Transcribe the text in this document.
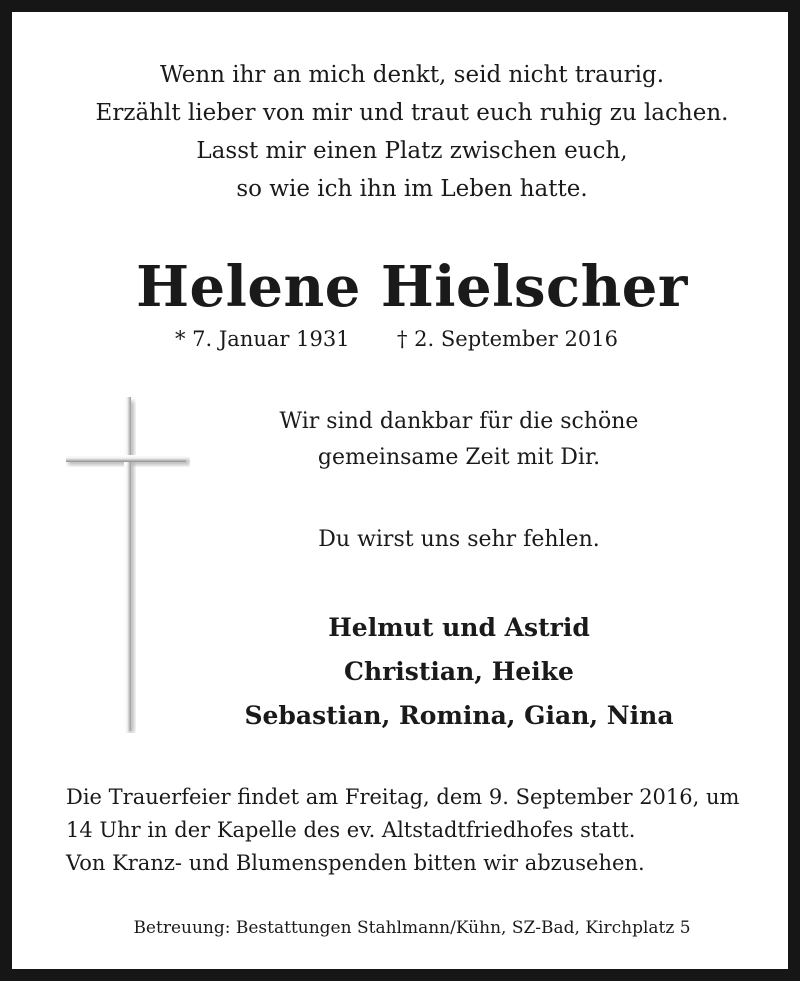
Wenn ihr an mich denkt, seid nicht traurig.
Erzählt lieber von mir und traut euch ruhig zu lachen.
Lasst mir einen Platz zwischen euch,
so wie ich ihn im Leben hatte.
Helene Hielscher
* 7. Januar 1931 † 2. September 2016
Wir sind dankbar für die schöne
gemeinsame Zeit mit Dir.
Du wirst uns sehr fehlen.
Helmut und Astrid
Christian, Heike
Sebastian, Romina, Gian, Nina
Die Trauerfeier findet am Freitag, dem 9. September 2016, um
14 Uhr in der Kapelle des ev. Altstadtfriedhofes statt.
Von Kranz- und Blumenspenden bitten wir abzusehen.
Betreuung: Bestattungen Stahlmann/Kühn, SZ-Bad, Kirchplatz 5
